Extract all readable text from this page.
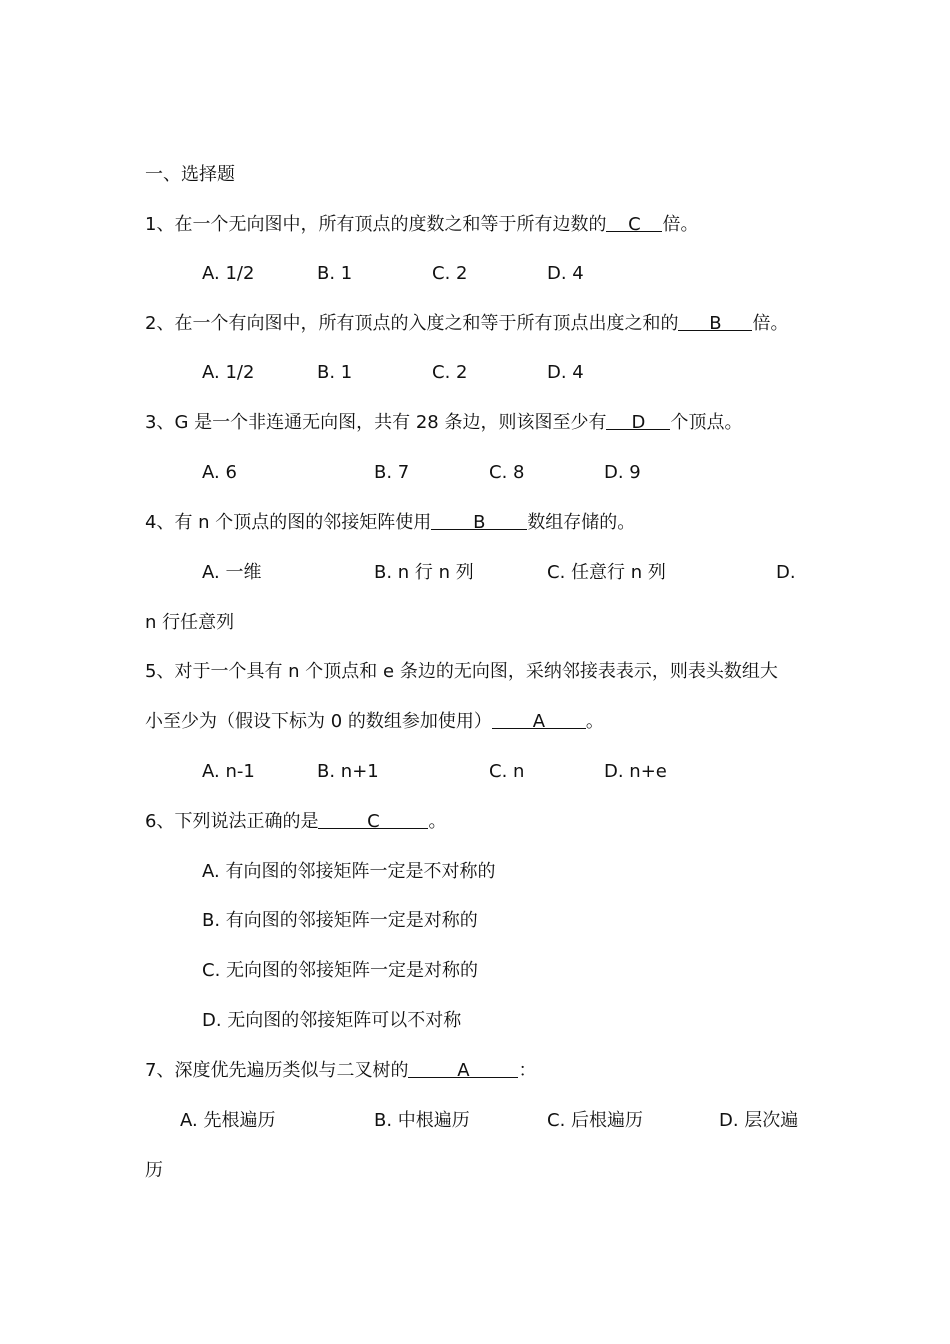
一、选择题
1、在一个无向图中，所有顶点的度数之和等于所有边数的 C 倍。
A. 1/2	B. 1	C. 2	D. 4
2、在一个有向图中，所有顶点的入度之和等于所有顶点出度之和的 B 倍。
A. 1/2	B. 1	C. 2	D. 4
3、G 是一个非连通无向图，共有 28 条边，则该图至少有 D 个顶点。
A. 6	B. 7	C. 8	D. 9
4、有 n 个顶点的图的邻接矩阵使用 B 数组存储的。
A. 一维	B. n 行 n 列	C. 任意行 n 列	D.
n 行任意列
5、对于一个具有 n 个顶点和 e 条边的无向图，采纳邻接表表示，则表头数组大
小至少为（假设下标为 0 的数组参加使用） A 。
A. n-1	B. n+1	C. n	D. n+e
6、下列说法正确的是	C	。
A. 有向图的邻接矩阵一定是不对称的
B. 有向图的邻接矩阵一定是对称的
C. 无向图的邻接矩阵一定是对称的
D. 无向图的邻接矩阵可以不对称
7、深度优先遍历类似与二叉树的	A	：
A. 先根遍历	B. 中根遍历	C. 后根遍历	D. 层次遍
历
